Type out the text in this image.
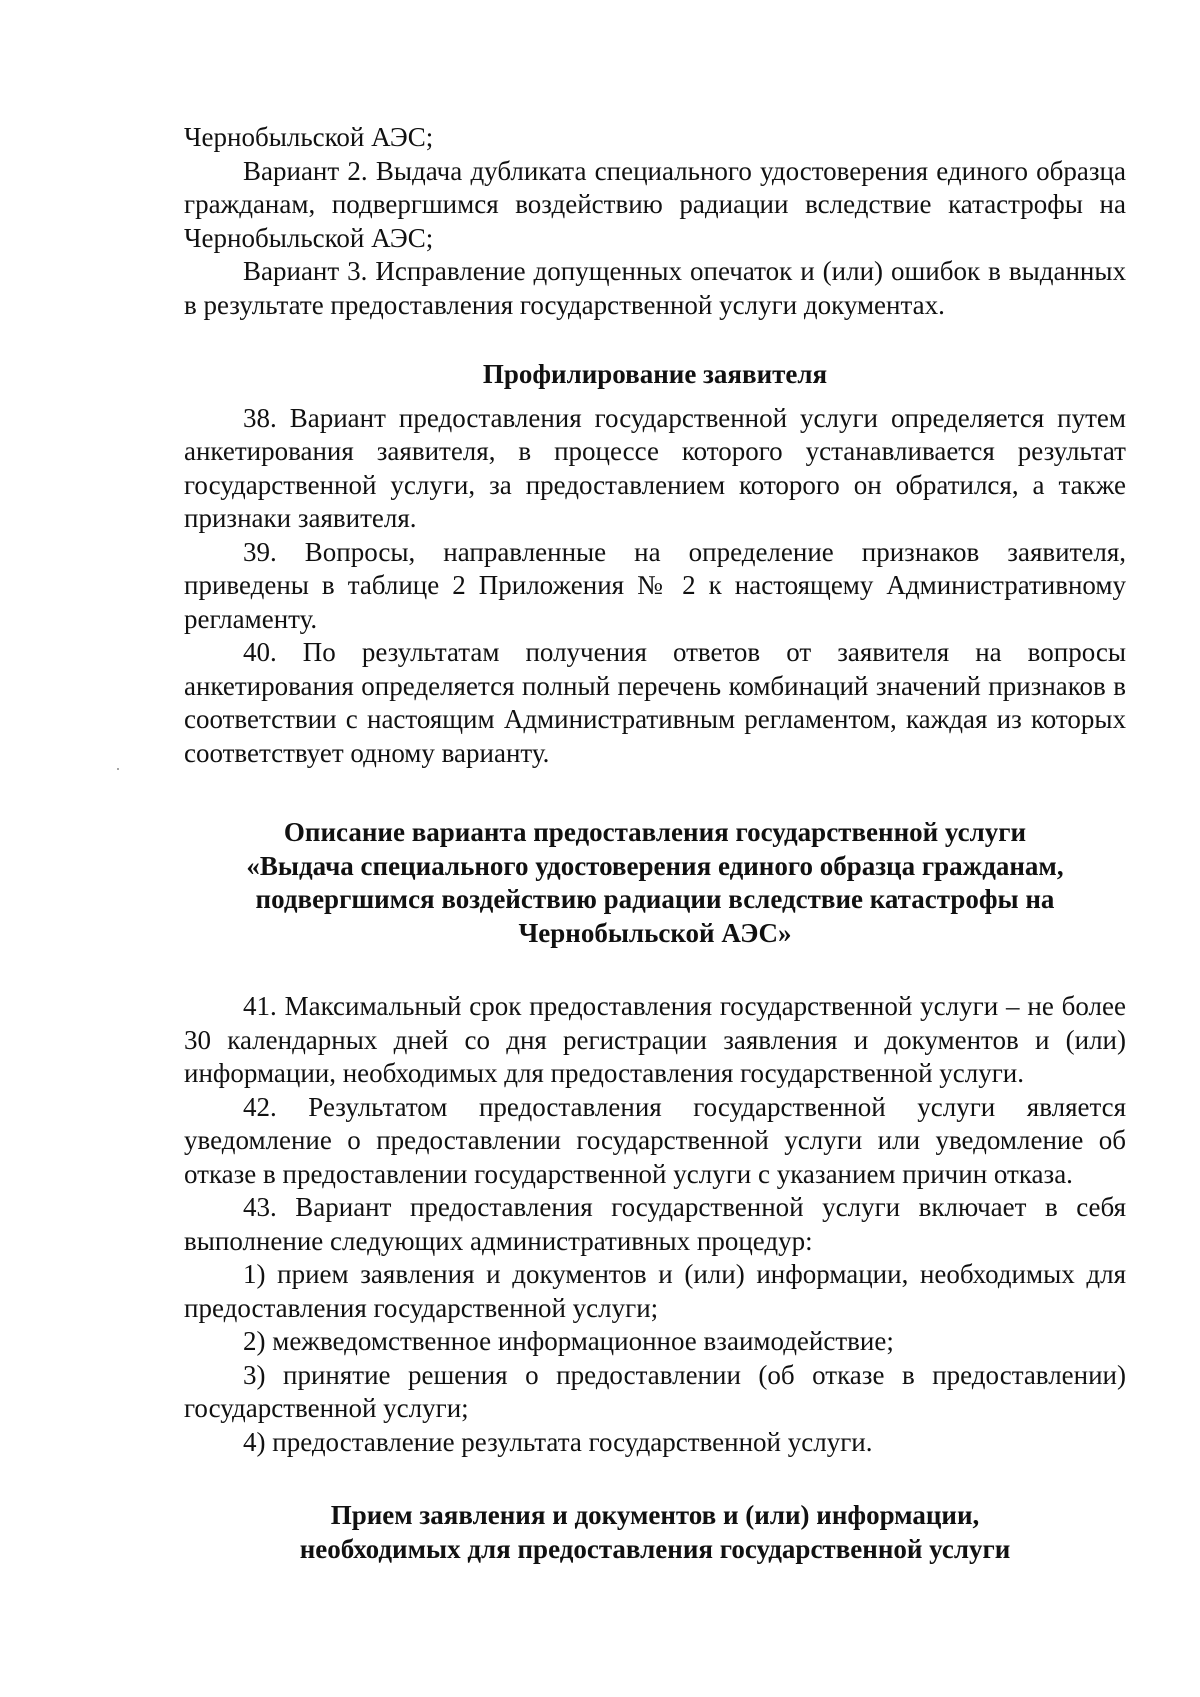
Чернобыльской АЭС;

Вариант 2. Выдача дубликата специального удостоверения единого образца гражданам, подвергшимся воздействию радиации вследствие катастрофы на Чернобыльской АЭС;

Вариант 3. Исправление допущенных опечаток и (или) ошибок в выданных в результате предоставления государственной услуги документах.

Профилирование заявителя

38. Вариант предоставления государственной услуги определяется путем анкетирования заявителя, в процессе которого устанавливается результат государственной услуги, за предоставлением которого он обратился, а также признаки заявителя.

39. Вопросы, направленные на определение признаков заявителя, приведены в таблице 2 Приложения № 2 к настоящему Административному регламенту.

40. По результатам получения ответов от заявителя на вопросы анкетирования определяется полный перечень комбинаций значений признаков в соответствии с настоящим Административным регламентом, каждая из которых соответствует одному варианту.

Описание варианта предоставления государственной услуги
«Выдача специального удостоверения единого образца гражданам,
подвергшимся воздействию радиации вследствие катастрофы на
Чернобыльской АЭС»

41. Максимальный срок предоставления государственной услуги – не более 30 календарных дней со дня регистрации заявления и документов и (или) информации, необходимых для предоставления государственной услуги.

42. Результатом предоставления государственной услуги является уведомление о предоставлении государственной услуги или уведомление об отказе в предоставлении государственной услуги с указанием причин отказа.

43. Вариант предоставления государственной услуги включает в себя выполнение следующих административных процедур:

1) прием заявления и документов и (или) информации, необходимых для предоставления государственной услуги;

2) межведомственное информационное взаимодействие;

3) принятие решения о предоставлении (об отказе в предоставлении) государственной услуги;

4) предоставление результата государственной услуги.

Прием заявления и документов и (или) информации,
необходимых для предоставления государственной услуги
